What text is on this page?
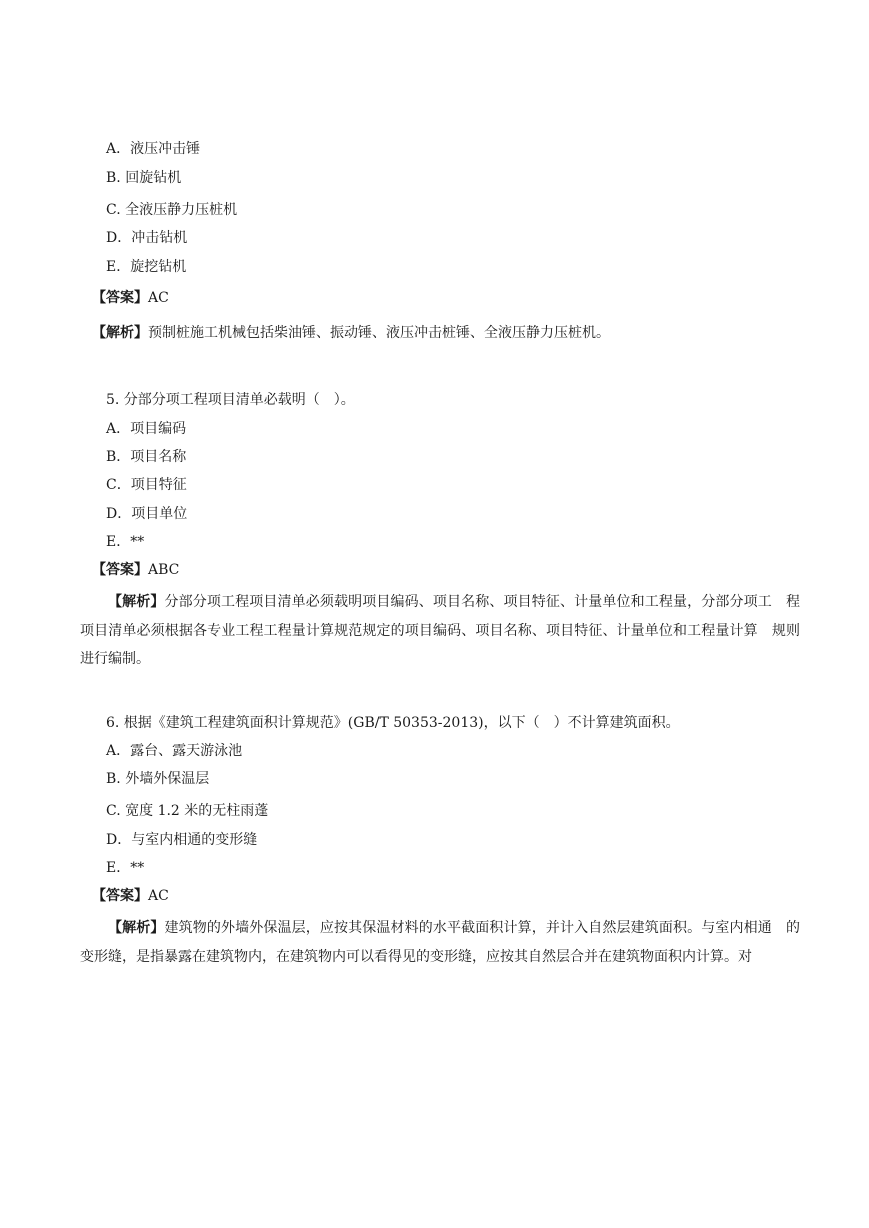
A．液压冲击锤
B. 回旋钻机
C. 全液压静力压桩机
D．冲击钻机
E．旋挖钻机
【答案】AC
【解析】预制桩施工机械包括柴油锤、振动锤、液压冲击桩锤、全液压静力压桩机。
5. 分部分项工程项目清单必载明（　）。
A．项目编码
B．项目名称
C．项目特征
D．项目单位
E．**
【答案】ABC
【解析】分部分项工程项目清单必须载明项目编码、项目名称、项目特征、计量单位和工程量，分部分项工　程项目清单必须根据各专业工程工程量计算规范规定的项目编码、项目名称、项目特征、计量单位和工程量计算　规则进行编制。
6. 根据《建筑工程建筑面积计算规范》(GB/T 50353-2013)，以下（　）不计算建筑面积。
A．露台、露天游泳池
B. 外墙外保温层
C. 宽度 1.2 米的无柱雨蓬
D．与室内相通的变形缝
E．**
【答案】AC
【解析】建筑物的外墙外保温层，应按其保温材料的水平截面积计算，并计入自然层建筑面积。与室内相通　的变形缝，是指暴露在建筑物内，在建筑物内可以看得见的变形缝，应按其自然层合并在建筑物面积内计算。对
